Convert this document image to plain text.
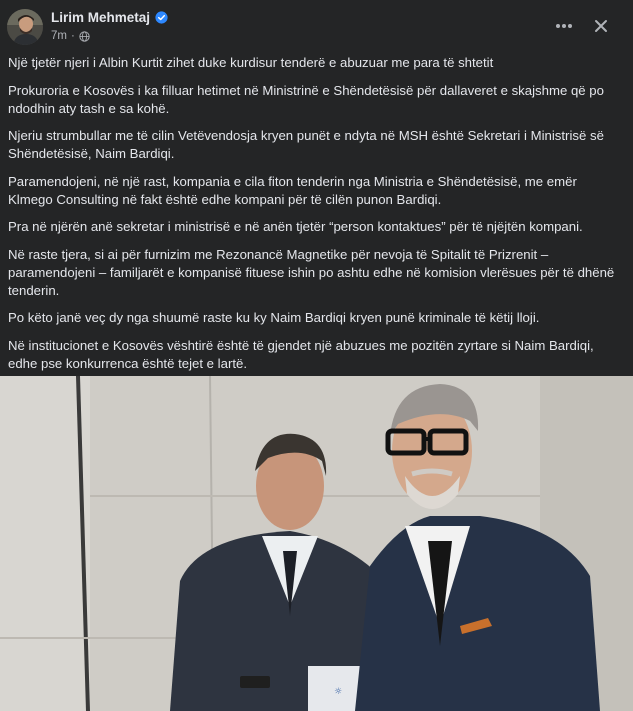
Lirim Mehmetaj
7m ·

Një tjetër njeri i Albin Kurtit zihet duke kurdisur tenderë e abuzuar me para të shtetit

Prokuroria e Kosovës i ka filluar hetimet në Ministrinë e Shëndetësisë për dallaveret e skajshme që po ndodhin aty tash e sa kohë.

Njeriu strumbullar me të cilin Vetëvendosja kryen punët e ndyta në MSH është Sekretari i Ministrisë së Shëndetësisë, Naim Bardiqi.

Paramendojeni, në një rast, kompania e cila fiton tenderin nga Ministria e Shëndetësisë, me emër Klmego Consulting në fakt është edhe kompani për të cilën punon Bardiqi.

Pra në njërën anë sekretar i ministrisë e në anën tjetër “person kontaktues” për të njëjtën kompani.

Në raste tjera, si ai për furnizim me Rezonancë Magnetike për nevoja të Spitalit të Prizrenit – paramendojeni – familjarët e kompanisë fituese ishin po ashtu edhe në komision vlerësues për të dhënë tenderin.

Po këto janë veç dy nga shuumë raste ku ky Naim Bardiqi kryen punë kriminale të këtij lloji.

Në institucionet e Kosovës vështirë është të gjendet një abuzues me pozitën zyrtare si Naim Bardiqi, edhe pse konkurrenca është tejet e lartë.

☼
